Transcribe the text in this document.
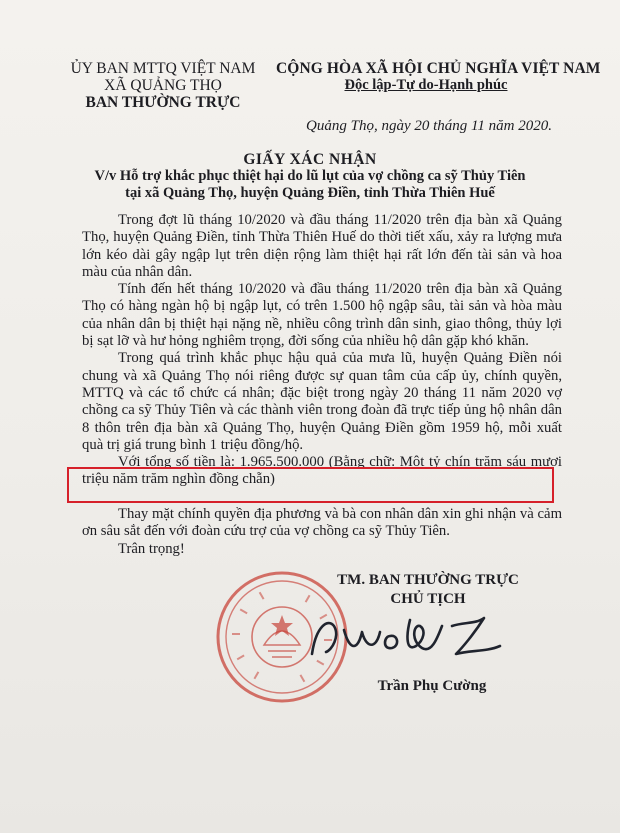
ỦY BAN MTTQ VIỆT NAM
XÃ QUẢNG THỌ
BAN THƯỜNG TRỰC
CỘNG HÒA XÃ HỘI CHỦ NGHĨA VIỆT NAM
Độc lập-Tự do-Hạnh phúc
Quảng Thọ, ngày 20 tháng 11 năm 2020.
GIẤY XÁC NHẬN
V/v Hỗ trợ khắc phục thiệt hại do lũ lụt của vợ chồng ca sỹ Thủy Tiên
tại xã Quảng Thọ, huyện Quảng Điền, tỉnh Thừa Thiên Huế

Trong đợt lũ tháng 10/2020 và đầu tháng 11/2020 trên địa bàn xã Quảng Thọ, huyện Quảng Điền, tỉnh Thừa Thiên Huế do thời tiết xấu, xảy ra lượng mưa lớn kéo dài gây ngập lụt trên diện rộng làm thiệt hại rất lớn đến tài sản và hoa màu của nhân dân.

Tính đến hết tháng 10/2020 và đầu tháng 11/2020 trên địa bàn xã Quảng Thọ có hàng ngàn hộ bị ngập lụt, có trên 1.500 hộ ngập sâu, tài sản và hòa màu của nhân dân bị thiệt hại nặng nề, nhiều công trình dân sinh, giao thông, thủy lợi bị sạt lỡ và hư hỏng nghiêm trọng, đời sống của nhiều hộ dân gặp khó khăn.

Trong quá trình khắc phục hậu quả của mưa lũ, huyện Quảng Điền nói chung và xã Quảng Thọ nói riêng được sự quan tâm của cấp ủy, chính quyền, MTTQ và các tổ chức cá nhân; đặc biệt trong ngày 20 tháng 11 năm 2020 vợ chồng ca sỹ Thủy Tiên và các thành viên trong đoàn đã trực tiếp ủng hộ nhân dân 8 thôn trên địa bàn xã Quảng Thọ, huyện Quảng Điền gồm 1959 hộ, mỗi xuất quà trị giá trung bình 1 triệu đồng/hộ.

Với tổng số tiền là: 1.965.500.000 (Bằng chữ: Một tỷ chín trăm sáu mươi triệu năm trăm nghìn đồng chẵn)

Thay mặt chính quyền địa phương và bà con nhân dân xin ghi nhận và cảm ơn sâu sắt đến với đoàn cứu trợ của vợ chồng ca sỹ Thủy Tiên.

Trân trọng!

TM. BAN THƯỜNG TRỰC
CHỦ TỊCH
Trần Phụ Cường
